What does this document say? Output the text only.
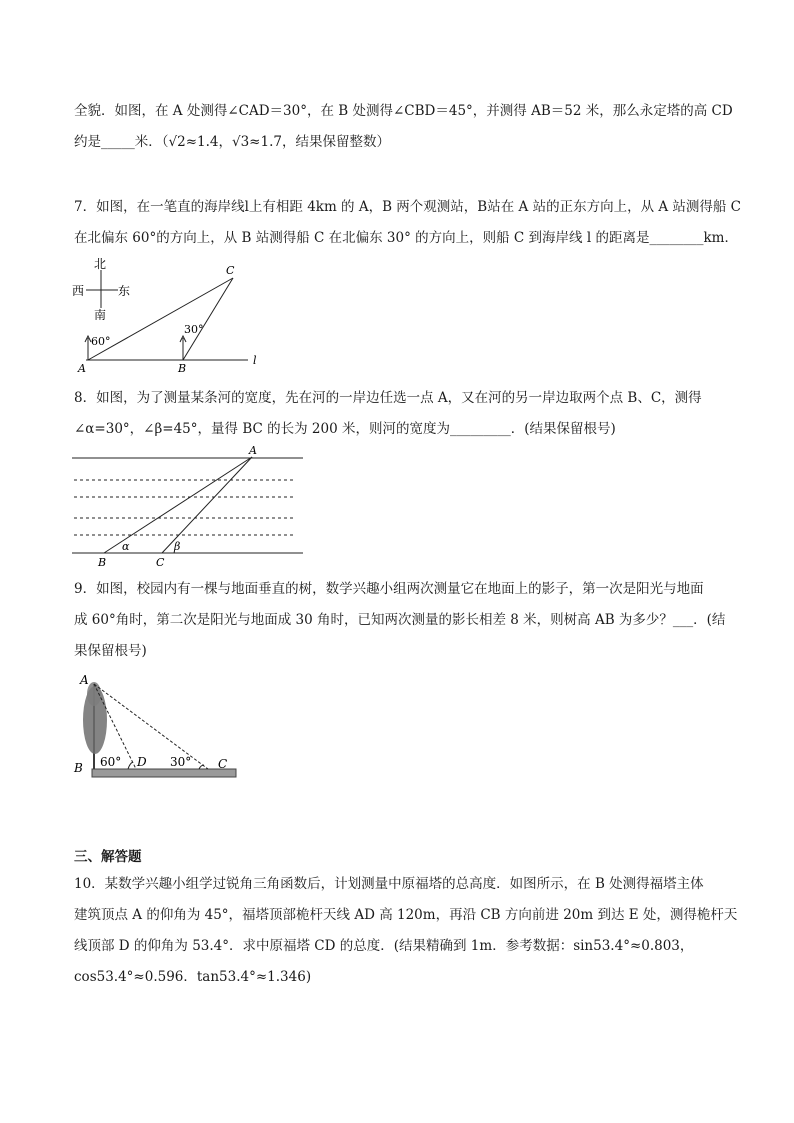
全貌．如图，在 A 处测得∠CAD＝30°，在 B 处测得∠CBD＝45°，并测得 AB＝52 米，那么永定塔的高 CD
约是_____米．（√2≈1.4，√3≈1.7，结果保留整数）
7．如图，在一笔直的海岸线l上有相距 4km 的 A，B 两个观测站，B站在 A 站的正东方向上，从 A 站测得船 C
在北偏东 60°的方向上，从 B 站测得船 C 在北偏东 30° 的方向上，则船 C 到海岸线 l 的距离是________km．
北
南
西	东
60°
30°
A	B
C
l
8．如图，为了测量某条河的宽度，先在河的一岸边任选一点 A，又在河的另一岸边取两个点 B、C，测得
∠α=30°，∠β=45°，量得 BC 的长为 200 米，则河的宽度为_________．(结果保留根号)
A
B	C
α	β
9．如图，校园内有一棵与地面垂直的树，数学兴趣小组两次测量它在地面上的影子，第一次是阳光与地面
成 60°角时，第二次是阳光与地面成 30 角时，已知两次测量的影长相差 8 米，则树高 AB 为多少？___．(结
果保留根号)
A
B	D	C
60°	30°
三、解答题
10．某数学兴趣小组学过锐角三角函数后，计划测量中原福塔的总高度．如图所示，在 B 处测得福塔主体
建筑顶点 A 的仰角为 45°，福塔顶部桅杆天线 AD 高 120m，再沿 CB 方向前进 20m 到达 E 处，测得桅杆天
线顶部 D 的仰角为 53.4°．求中原福塔 CD 的总度．(结果精确到 1m．参考数据：sin53.4°≈0.803，
cos53.4°≈0.596．tan53.4°≈1.346)
